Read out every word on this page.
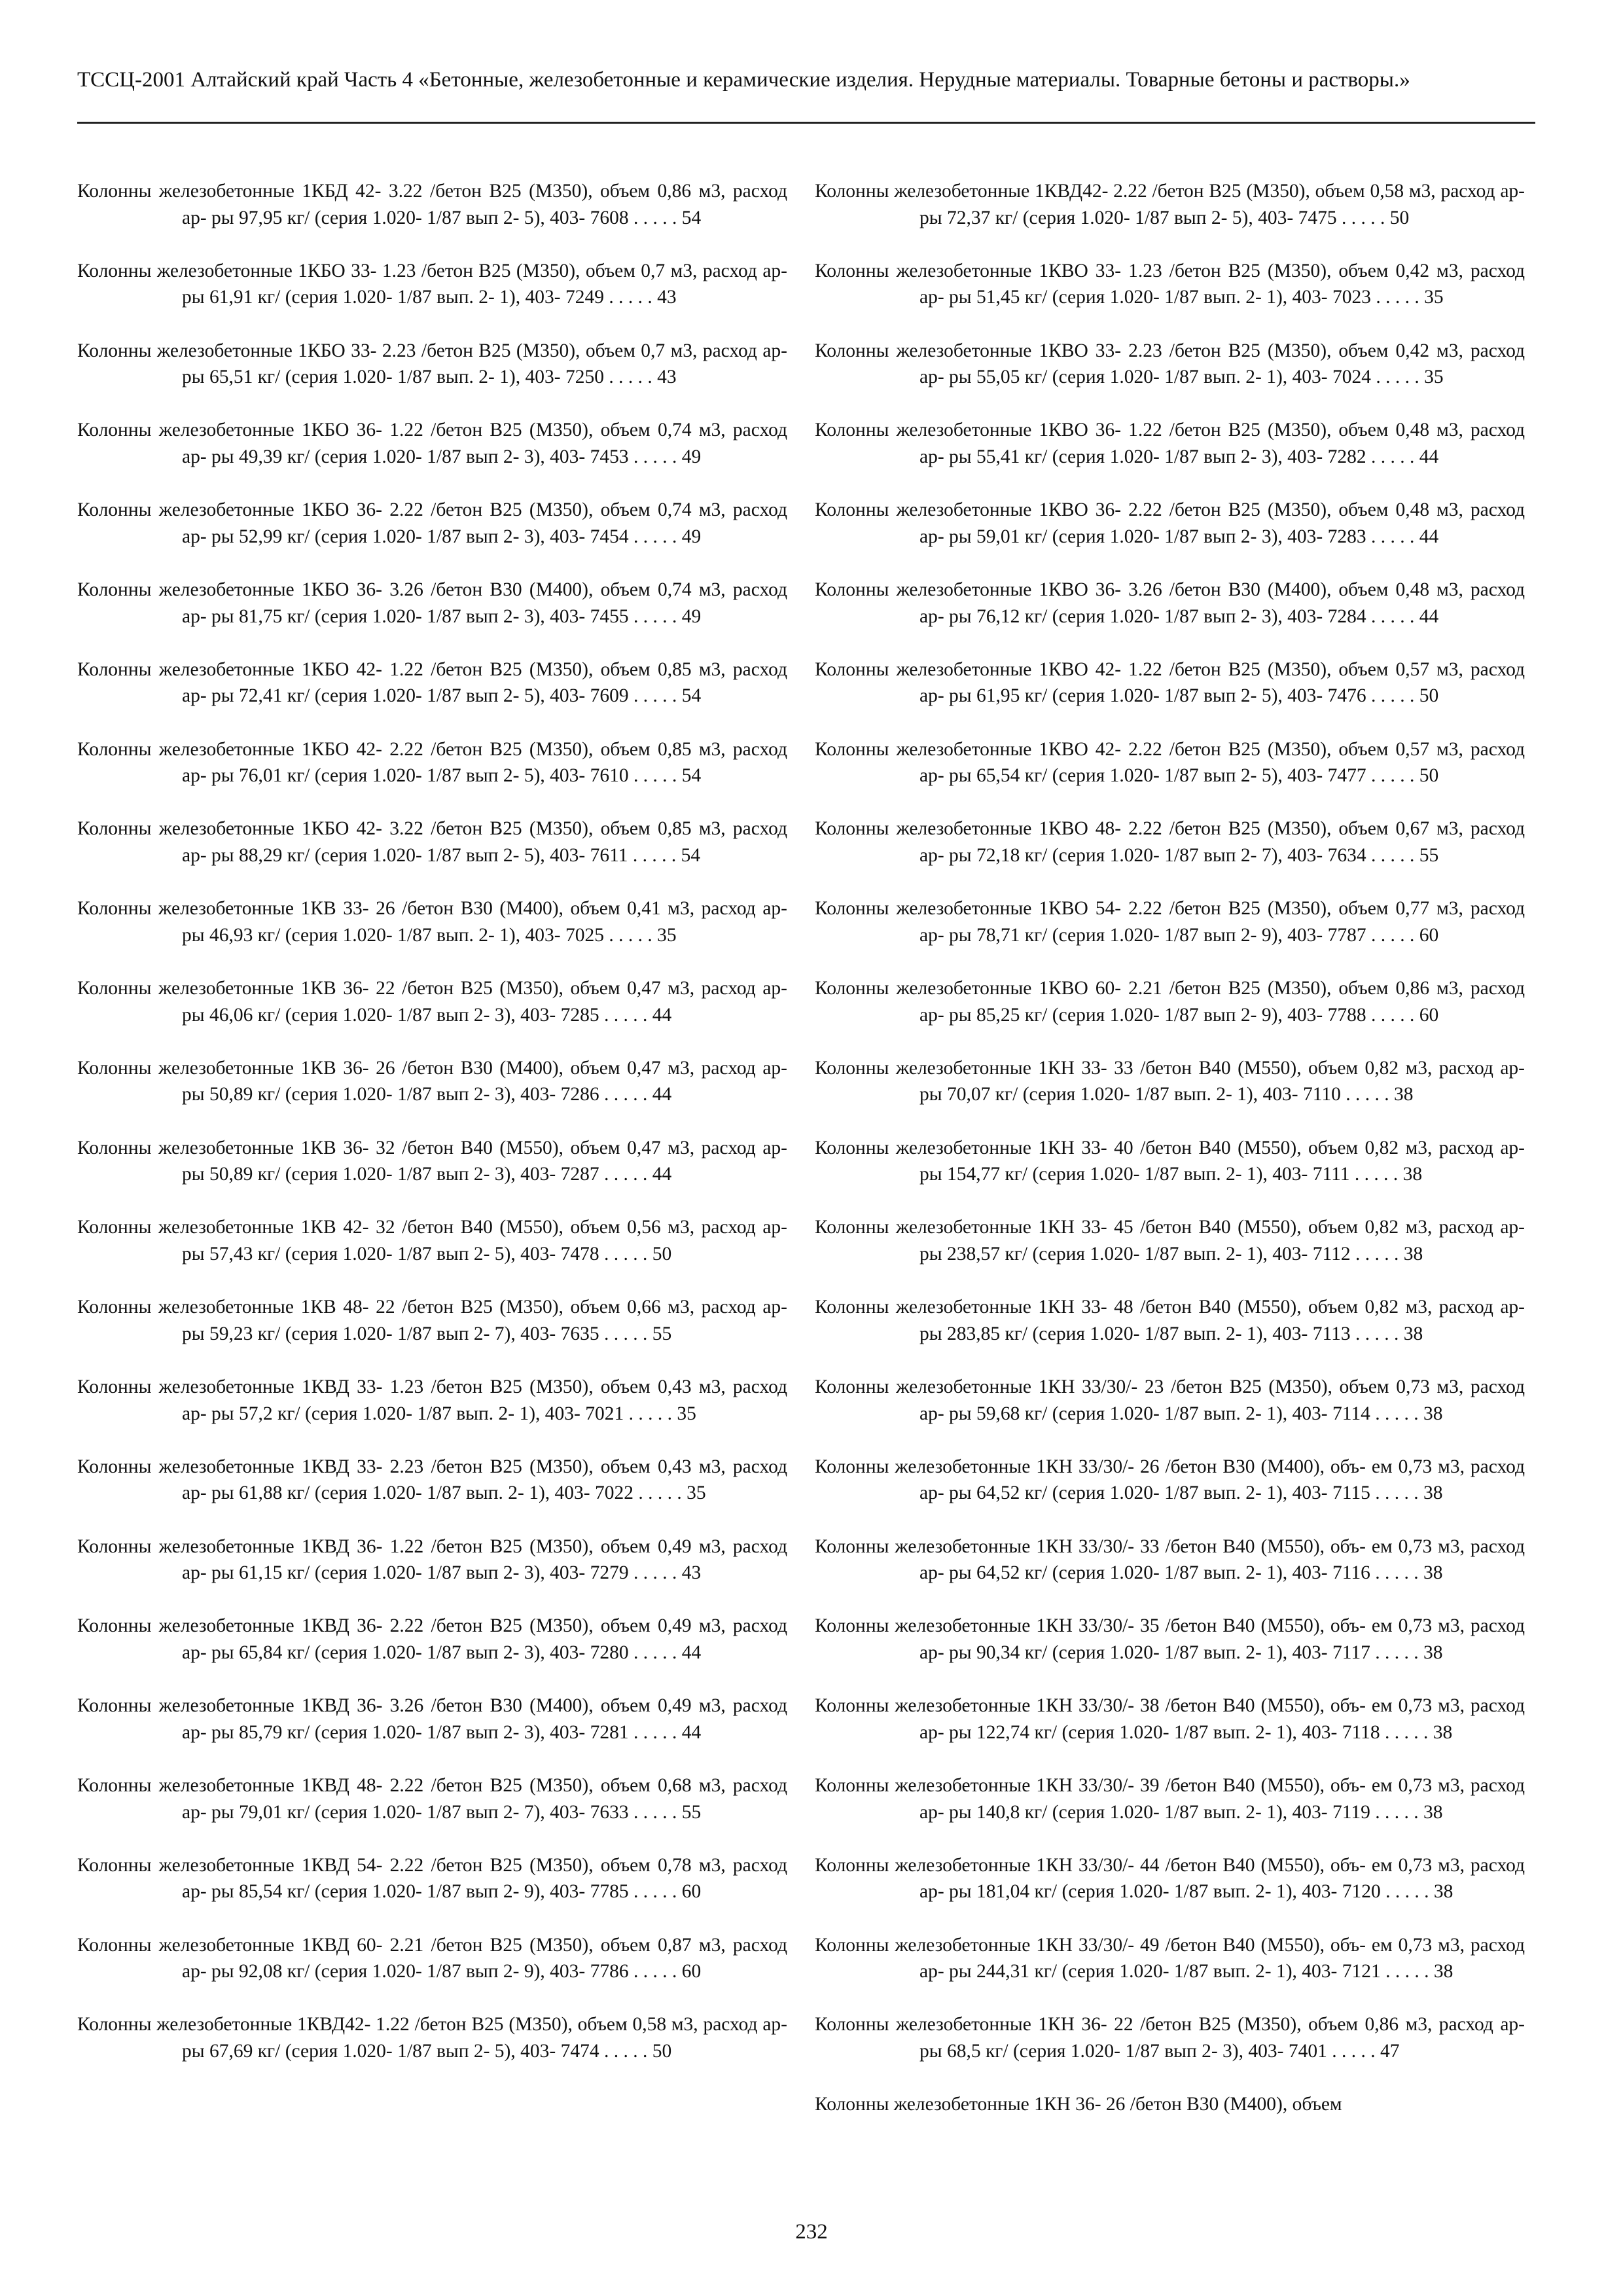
ТССЦ-2001 Алтайский край Часть 4 «Бетонные, железобетонные и керамические изделия. Нерудные материалы. Товарные бетоны и растворы.»

Колонны железобетонные 1КБД 42- 3.22 /бетон В25 (М350), объем 0,86 м3, расход ар- ры 97,95 кг/ (серия 1.020- 1/87 вып 2- 5), 403- 7608 . . . . . 54

Колонны железобетонные 1КБО 33- 1.23 /бетон В25 (М350), объем 0,7 м3, расход ар- ры 61,91 кг/ (серия 1.020- 1/87 вып. 2- 1), 403- 7249 . . . . . 43

Колонны железобетонные 1КБО 33- 2.23 /бетон В25 (М350), объем 0,7 м3, расход ар- ры 65,51 кг/ (серия 1.020- 1/87 вып. 2- 1), 403- 7250 . . . . . 43

Колонны железобетонные 1КБО 36- 1.22 /бетон В25 (М350), объем 0,74 м3, расход ар- ры 49,39 кг/ (серия 1.020- 1/87 вып 2- 3), 403- 7453 . . . . . 49

Колонны железобетонные 1КБО 36- 2.22 /бетон В25 (М350), объем 0,74 м3, расход ар- ры 52,99 кг/ (серия 1.020- 1/87 вып 2- 3), 403- 7454 . . . . . 49

Колонны железобетонные 1КБО 36- 3.26 /бетон В30 (М400), объем 0,74 м3, расход ар- ры 81,75 кг/ (серия 1.020- 1/87 вып 2- 3), 403- 7455 . . . . . 49

Колонны железобетонные 1КБО 42- 1.22 /бетон В25 (М350), объем 0,85 м3, расход ар- ры 72,41 кг/ (серия 1.020- 1/87 вып 2- 5), 403- 7609 . . . . . 54

Колонны железобетонные 1КБО 42- 2.22 /бетон В25 (М350), объем 0,85 м3, расход ар- ры 76,01 кг/ (серия 1.020- 1/87 вып 2- 5), 403- 7610 . . . . . 54

Колонны железобетонные 1КБО 42- 3.22 /бетон В25 (М350), объем 0,85 м3, расход ар- ры 88,29 кг/ (серия 1.020- 1/87 вып 2- 5), 403- 7611 . . . . . 54

Колонны железобетонные 1КВ 33- 26 /бетон В30 (М400), объем 0,41 м3, расход ар- ры 46,93 кг/ (серия 1.020- 1/87 вып. 2- 1), 403- 7025 . . . . . 35

Колонны железобетонные 1КВ 36- 22 /бетон В25 (М350), объем 0,47 м3, расход ар- ры 46,06 кг/ (серия 1.020- 1/87 вып 2- 3), 403- 7285 . . . . . 44

Колонны железобетонные 1КВ 36- 26 /бетон В30 (М400), объем 0,47 м3, расход ар- ры 50,89 кг/ (серия 1.020- 1/87 вып 2- 3), 403- 7286 . . . . . 44

Колонны железобетонные 1КВ 36- 32 /бетон В40 (М550), объем 0,47 м3, расход ар- ры 50,89 кг/ (серия 1.020- 1/87 вып 2- 3), 403- 7287 . . . . . 44

Колонны железобетонные 1КВ 42- 32 /бетон В40 (М550), объем 0,56 м3, расход ар- ры 57,43 кг/ (серия 1.020- 1/87 вып 2- 5), 403- 7478 . . . . . 50

Колонны железобетонные 1КВ 48- 22 /бетон В25 (М350), объем 0,66 м3, расход ар- ры 59,23 кг/ (серия 1.020- 1/87 вып 2- 7), 403- 7635 . . . . . 55

Колонны железобетонные 1КВД 33- 1.23 /бетон В25 (М350), объем 0,43 м3, расход ар- ры 57,2 кг/ (серия 1.020- 1/87 вып. 2- 1), 403- 7021 . . . . . 35

Колонны железобетонные 1КВД 33- 2.23 /бетон В25 (М350), объем 0,43 м3, расход ар- ры 61,88 кг/ (серия 1.020- 1/87 вып. 2- 1), 403- 7022 . . . . . 35

Колонны железобетонные 1КВД 36- 1.22 /бетон В25 (М350), объем 0,49 м3, расход ар- ры 61,15 кг/ (серия 1.020- 1/87 вып 2- 3), 403- 7279 . . . . . 43

Колонны железобетонные 1КВД 36- 2.22 /бетон В25 (М350), объем 0,49 м3, расход ар- ры 65,84 кг/ (серия 1.020- 1/87 вып 2- 3), 403- 7280 . . . . . 44

Колонны железобетонные 1КВД 36- 3.26 /бетон В30 (М400), объем 0,49 м3, расход ар- ры 85,79 кг/ (серия 1.020- 1/87 вып 2- 3), 403- 7281 . . . . . 44

Колонны железобетонные 1КВД 48- 2.22 /бетон В25 (М350), объем 0,68 м3, расход ар- ры 79,01 кг/ (серия 1.020- 1/87 вып 2- 7), 403- 7633 . . . . . 55

Колонны железобетонные 1КВД 54- 2.22 /бетон В25 (М350), объем 0,78 м3, расход ар- ры 85,54 кг/ (серия 1.020- 1/87 вып 2- 9), 403- 7785 . . . . . 60

Колонны железобетонные 1КВД 60- 2.21 /бетон В25 (М350), объем 0,87 м3, расход ар- ры 92,08 кг/ (серия 1.020- 1/87 вып 2- 9), 403- 7786 . . . . . 60

Колонны железобетонные 1КВД42- 1.22 /бетон В25 (М350), объем 0,58 м3, расход ар- ры 67,69 кг/ (серия 1.020- 1/87 вып 2- 5), 403- 7474 . . . . . 50

Колонны железобетонные 1КВД42- 2.22 /бетон В25 (М350), объем 0,58 м3, расход ар- ры 72,37 кг/ (серия 1.020- 1/87 вып 2- 5), 403- 7475 . . . . . 50

Колонны железобетонные 1КВО 33- 1.23 /бетон В25 (М350), объем 0,42 м3, расход ар- ры 51,45 кг/ (серия 1.020- 1/87 вып. 2- 1), 403- 7023 . . . . . 35

Колонны железобетонные 1КВО 33- 2.23 /бетон В25 (М350), объем 0,42 м3, расход ар- ры 55,05 кг/ (серия 1.020- 1/87 вып. 2- 1), 403- 7024 . . . . . 35

Колонны железобетонные 1КВО 36- 1.22 /бетон В25 (М350), объем 0,48 м3, расход ар- ры 55,41 кг/ (серия 1.020- 1/87 вып 2- 3), 403- 7282 . . . . . 44

Колонны железобетонные 1КВО 36- 2.22 /бетон В25 (М350), объем 0,48 м3, расход ар- ры 59,01 кг/ (серия 1.020- 1/87 вып 2- 3), 403- 7283 . . . . . 44

Колонны железобетонные 1КВО 36- 3.26 /бетон В30 (М400), объем 0,48 м3, расход ар- ры 76,12 кг/ (серия 1.020- 1/87 вып 2- 3), 403- 7284 . . . . . 44

Колонны железобетонные 1КВО 42- 1.22 /бетон В25 (М350), объем 0,57 м3, расход ар- ры 61,95 кг/ (серия 1.020- 1/87 вып 2- 5), 403- 7476 . . . . . 50

Колонны железобетонные 1КВО 42- 2.22 /бетон В25 (М350), объем 0,57 м3, расход ар- ры 65,54 кг/ (серия 1.020- 1/87 вып 2- 5), 403- 7477 . . . . . 50

Колонны железобетонные 1КВО 48- 2.22 /бетон В25 (М350), объем 0,67 м3, расход ар- ры 72,18 кг/ (серия 1.020- 1/87 вып 2- 7), 403- 7634 . . . . . 55

Колонны железобетонные 1КВО 54- 2.22 /бетон В25 (М350), объем 0,77 м3, расход ар- ры 78,71 кг/ (серия 1.020- 1/87 вып 2- 9), 403- 7787 . . . . . 60

Колонны железобетонные 1КВО 60- 2.21 /бетон В25 (М350), объем 0,86 м3, расход ар- ры 85,25 кг/ (серия 1.020- 1/87 вып 2- 9), 403- 7788 . . . . . 60

Колонны железобетонные 1КН 33- 33 /бетон В40 (М550), объем 0,82 м3, расход ар- ры 70,07 кг/ (серия 1.020- 1/87 вып. 2- 1), 403- 7110 . . . . . 38

Колонны железобетонные 1КН 33- 40 /бетон В40 (М550), объем 0,82 м3, расход ар- ры 154,77 кг/ (серия 1.020- 1/87 вып. 2- 1), 403- 7111 . . . . . 38

Колонны железобетонные 1КН 33- 45 /бетон В40 (М550), объем 0,82 м3, расход ар- ры 238,57 кг/ (серия 1.020- 1/87 вып. 2- 1), 403- 7112 . . . . . 38

Колонны железобетонные 1КН 33- 48 /бетон В40 (М550), объем 0,82 м3, расход ар- ры 283,85 кг/ (серия 1.020- 1/87 вып. 2- 1), 403- 7113 . . . . . 38

Колонны железобетонные 1КН 33/30/- 23 /бетон В25 (М350), объем 0,73 м3, расход ар- ры 59,68 кг/ (серия 1.020- 1/87 вып. 2- 1), 403- 7114 . . . . . 38

Колонны железобетонные 1КН 33/30/- 26 /бетон В30 (М400), объ- ем 0,73 м3, расход ар- ры 64,52 кг/ (серия 1.020- 1/87 вып. 2- 1), 403- 7115 . . . . . 38

Колонны железобетонные 1КН 33/30/- 33 /бетон В40 (М550), объ- ем 0,73 м3, расход ар- ры 64,52 кг/ (серия 1.020- 1/87 вып. 2- 1), 403- 7116 . . . . . 38

Колонны железобетонные 1КН 33/30/- 35 /бетон В40 (М550), объ- ем 0,73 м3, расход ар- ры 90,34 кг/ (серия 1.020- 1/87 вып. 2- 1), 403- 7117 . . . . . 38

Колонны железобетонные 1КН 33/30/- 38 /бетон В40 (М550), объ- ем 0,73 м3, расход ар- ры 122,74 кг/ (серия 1.020- 1/87 вып. 2- 1), 403- 7118 . . . . . 38

Колонны железобетонные 1КН 33/30/- 39 /бетон В40 (М550), объ- ем 0,73 м3, расход ар- ры 140,8 кг/ (серия 1.020- 1/87 вып. 2- 1), 403- 7119 . . . . . 38

Колонны железобетонные 1КН 33/30/- 44 /бетон В40 (М550), объ- ем 0,73 м3, расход ар- ры 181,04 кг/ (серия 1.020- 1/87 вып. 2- 1), 403- 7120 . . . . . 38

Колонны железобетонные 1КН 33/30/- 49 /бетон В40 (М550), объ- ем 0,73 м3, расход ар- ры 244,31 кг/ (серия 1.020- 1/87 вып. 2- 1), 403- 7121 . . . . . 38

Колонны железобетонные 1КН 36- 22 /бетон В25 (М350), объем 0,86 м3, расход ар- ры 68,5 кг/ (серия 1.020- 1/87 вып 2- 3), 403- 7401 . . . . . 47

Колонны железобетонные 1КН 36- 26 /бетон В30 (М400), объем

232
